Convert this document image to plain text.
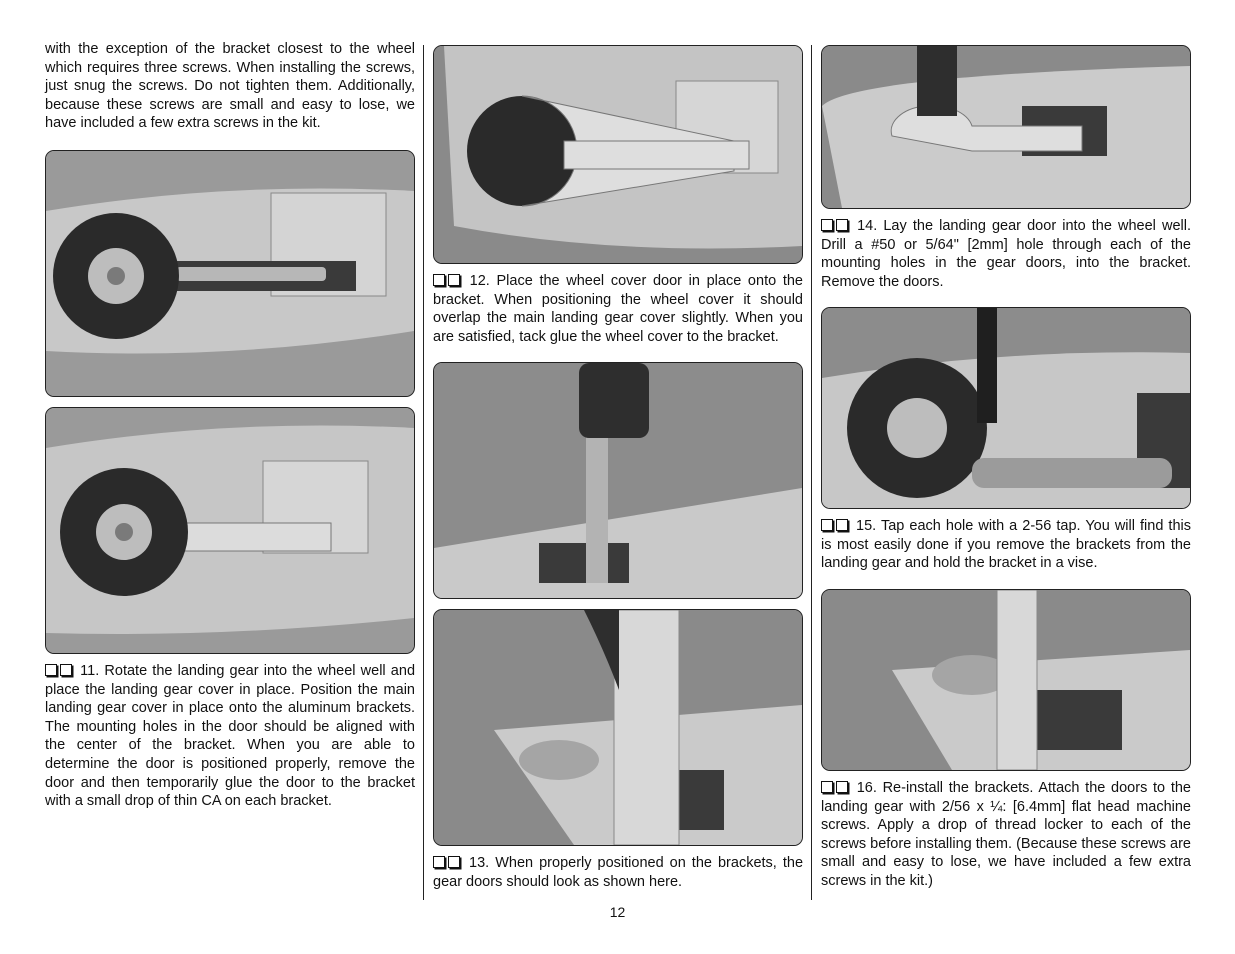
with the exception of the bracket closest to the wheel which requires three screws. When installing the screws, just snug the screws. Do not tighten them. Additionally, because these screws are small and easy to lose, we have included a few extra screws in the kit.

11. Rotate the landing gear into the wheel well and place the landing gear cover in place. Position the main landing gear cover in place onto the aluminum brackets. The mounting holes in the door should be aligned with the center of the bracket. When you are able to determine the door is positioned properly, remove the door and then temporarily glue the door to the bracket with a small drop of thin CA on each bracket.

12. Place the wheel cover door in place onto the bracket. When positioning the wheel cover it should overlap the main landing gear cover slightly. When you are satisfied, tack glue the wheel cover to the bracket.

13. When properly positioned on the brackets, the gear doors should look as shown here.

14. Lay the landing gear door into the wheel well. Drill a #50 or 5/64" [2mm] hole through each of the mounting holes in the gear doors, into the bracket. Remove the doors.

15. Tap each hole with a 2-56 tap. You will find this is most easily done if you remove the brackets from the landing gear and hold the bracket in a vise.

16. Re-install the brackets. Attach the doors to the landing gear with 2/56 x ¼: [6.4mm] flat head machine screws. Apply a drop of thread locker to each of the screws before installing them. (Because these screws are small and easy to lose, we have included a few extra screws in the kit.)

12
